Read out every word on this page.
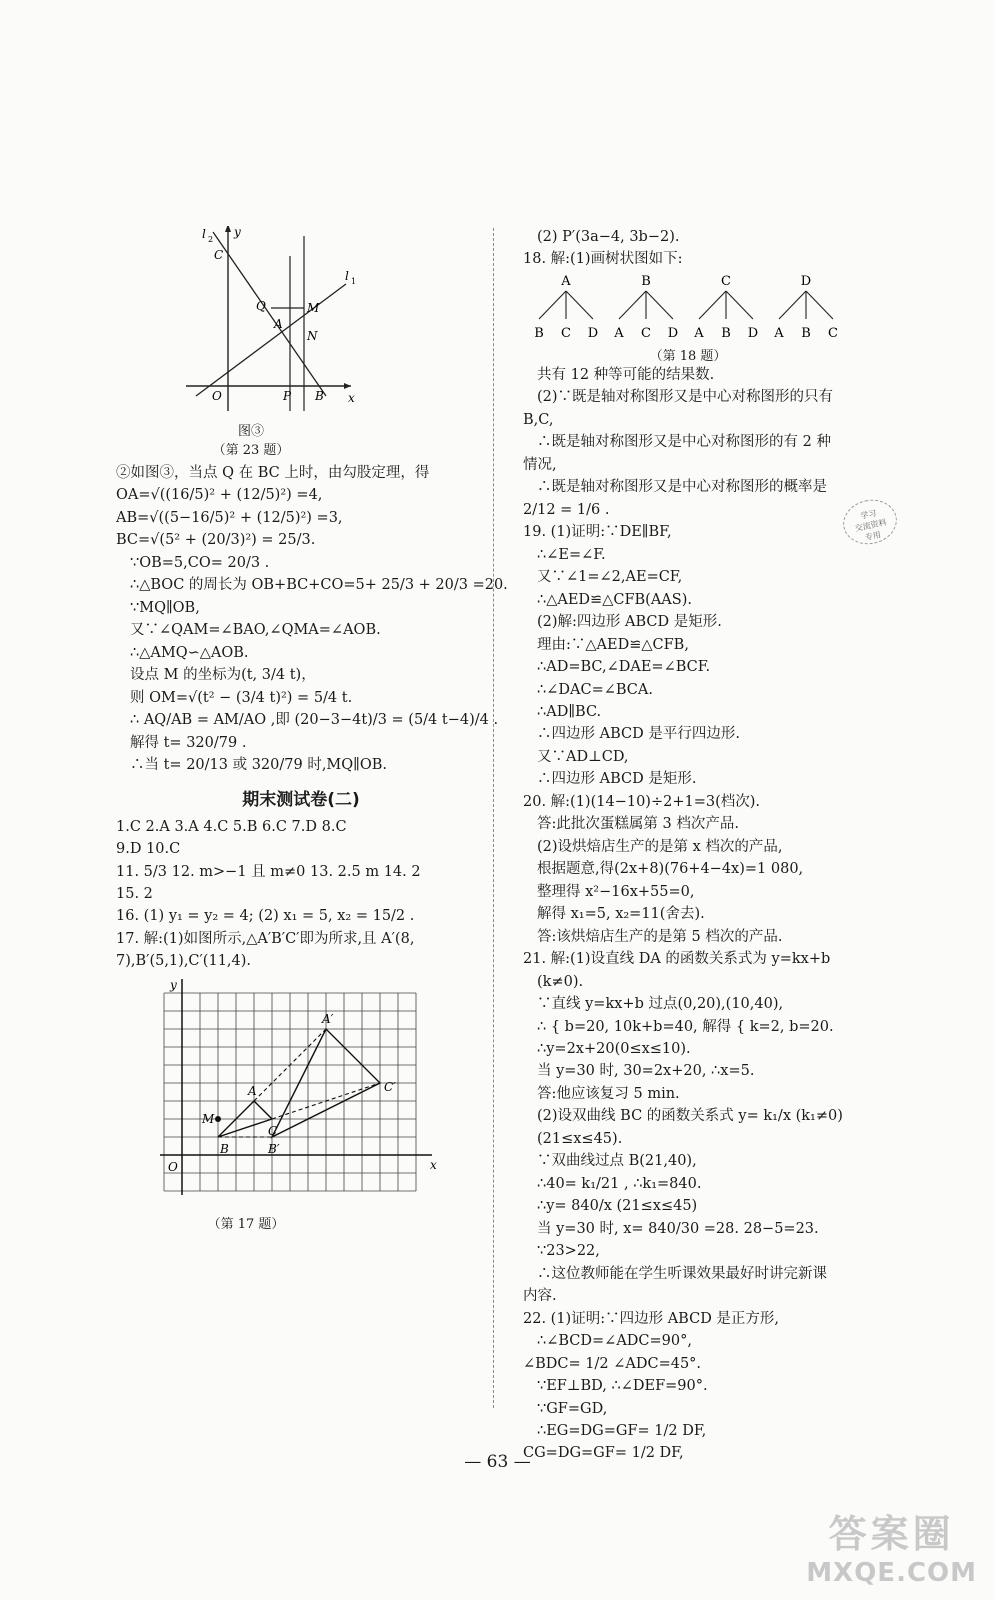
y
x
l 2
l 1
C
Q	M
A
N
O	P B
图③
（第 23 题）
②如图③，当点 Q 在 BC 上时，由勾股定理，得
OA=√((16/5)² + (12/5)²) =4,
AB=√((5−16/5)² + (12/5)²) =3,
BC=√(5² + (20/3)²) = 25/3.
∵OB=5,CO= 20/3 .
∴△BOC 的周长为 OB+BC+CO=5+ 25/3 + 20/3 =20.
∵MQ∥OB,
又∵∠QAM=∠BAO,∠QMA=∠AOB.
∴△AMQ∽△AOB.
设点 M 的坐标为(t, 3/4 t)，
则 OM=√(t² − (3/4 t)²) = 5/4 t.
∴ AQ/AB = AM/AO ,即 (20−3−4t)/3 = (5/4 t−4)/4 .
解得 t= 320/79 .
∴当 t= 20/13 或 320/79 时,MQ∥OB.
期末测试卷(二)
1.C 2.A 3.A 4.C 5.B 6.C 7.D 8.C
9.D 10.C
11. 5/3 12. m>−1 且 m≠0 13. 2.5 m 14. 2
15. 2
16. (1) y₁ = y₂ = 4; (2) x₁ = 5, x₂ = 15/2 .
17. 解:(1)如图所示,△A′B′C′即为所求,且 A′(8,
7),B′(5,1),C′(11,4).
A′
C′
A
C
M
B	B′
O	x
y
（第 17 题）
(2) P′(3a−4, 3b−2).
18. 解:(1)画树状图如下:
A
B C D
B
A C D
C
A B D
D
A B C
（第 18 题）
共有 12 种等可能的结果数.
(2)∵既是轴对称图形又是中心对称图形的只有
B,C,
∴既是轴对称图形又是中心对称图形的有 2 种
情况,
∴既是轴对称图形又是中心对称图形的概率是
2/12 = 1/6 .
19. (1)证明:∵DE∥BF,
∴∠E=∠F.
又∵∠1=∠2,AE=CF,
∴△AED≌△CFB(AAS).
(2)解:四边形 ABCD 是矩形.
理由:∵△AED≌△CFB,
∴AD=BC,∠DAE=∠BCF.
∴∠DAC=∠BCA.
∴AD∥BC.
∴四边形 ABCD 是平行四边形.
又∵AD⊥CD,
∴四边形 ABCD 是矩形.
20. 解:(1)(14−10)÷2+1=3(档次).
答:此批次蛋糕属第 3 档次产品.
(2)设烘焙店生产的是第 x 档次的产品,
根据题意,得(2x+8)(76+4−4x)=1 080,
整理得 x²−16x+55=0,
解得 x₁=5, x₂=11(舍去).
答:该烘焙店生产的是第 5 档次的产品.
21. 解:(1)设直线 DA 的函数关系式为 y=kx+b
(k≠0).
∵直线 y=kx+b 过点(0,20),(10,40),
∴ { b=20, 10k+b=40, 解得 { k=2, b=20.
∴y=2x+20(0≤x≤10).
当 y=30 时, 30=2x+20, ∴x=5.
答:他应该复习 5 min.
(2)设双曲线 BC 的函数关系式 y= k₁/x (k₁≠0)
(21≤x≤45).
∵双曲线过点 B(21,40),
∴40= k₁/21 , ∴k₁=840.
∴y= 840/x (21≤x≤45)
当 y=30 时, x= 840/30 =28. 28−5=23.
∵23>22,
∴这位教师能在学生听课效果最好时讲完新课
内容.
22. (1)证明:∵四边形 ABCD 是正方形,
∴∠BCD=∠ADC=90°,
∠BDC= 1/2 ∠ADC=45°.
∵EF⊥BD, ∴∠DEF=90°.
∵GF=GD,
∴EG=DG=GF= 1/2 DF,
CG=DG=GF= 1/2 DF,
学习
交流资料
专用
— 63 —
答案圈
MXQE.COM
